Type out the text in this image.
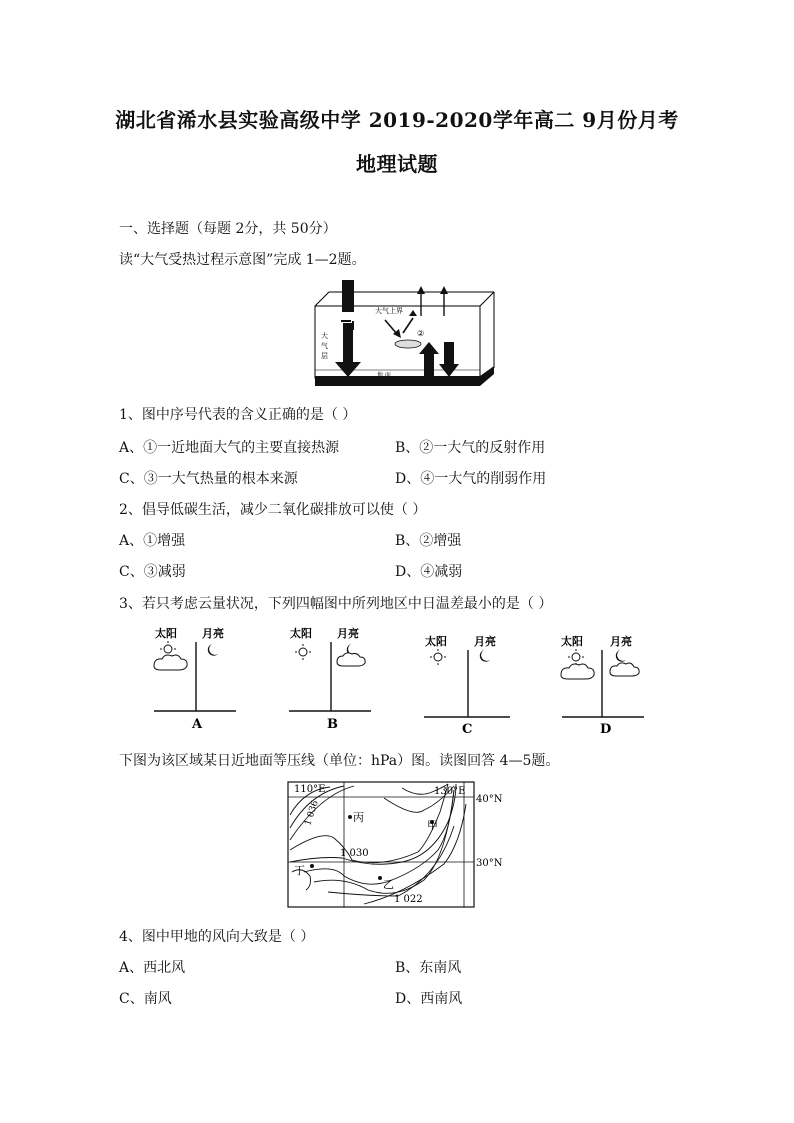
湖北省浠水县实验高级中学 2019-2020学年高二 9月份月考
地理试题
一、选择题（每题 2分，共 50分）
读“大气受热过程示意图”完成 1—2题。
大气上界
②
大
气
层
地 面
1、图中序号代表的含义正确的是（ ）
A、①一近地面大气的主要直接热源	B、②一大气的反射作用
C、③一大气热量的根本来源	D、④一大气的削弱作用
2、倡导低碳生活，减少二氧化碳排放可以使（ ）
A、①增强	B、②增强
C、③减弱	D、④减弱
3、若只考虑云量状况，下列四幅图中所列地区中日温差最小的是（ ）
太阳 月亮
A
太阳 月亮
B
太阳 月亮
C
太阳 月亮
D
下图为该区域某日近地面等压线（单位：hPa）图。读图回答 4—5题。
110°E	130°E
40°N
30°N
1 036
1 030
1 022
丙
甲
乙
丁
4、图中甲地的风向大致是（ ）
A、西北风	B、东南风
C、南风	D、西南风
